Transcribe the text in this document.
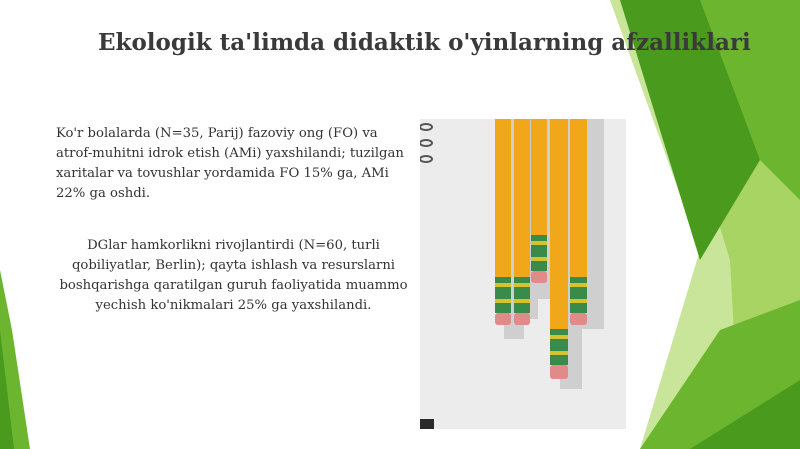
Ekologik ta'limda didaktik o'yinlarning afzalliklari
Ko'r bolalarda (N=35, Parij) fazoviy ong (FO) va atrof-muhitni idrok etish (AMi) yaxshilandi; tuzilgan xaritalar va tovushlar yordamida FO 15% ga, AMi 22% ga oshdi.
DGlar hamkorlikni rivojlantirdi (N=60, turli qobiliyatlar, Berlin); qayta ishlash va resurslarni boshqarishga qaratilgan guruh faoliyatida muammo yechish ko'nikmalari 25% ga yaxshilandi.
